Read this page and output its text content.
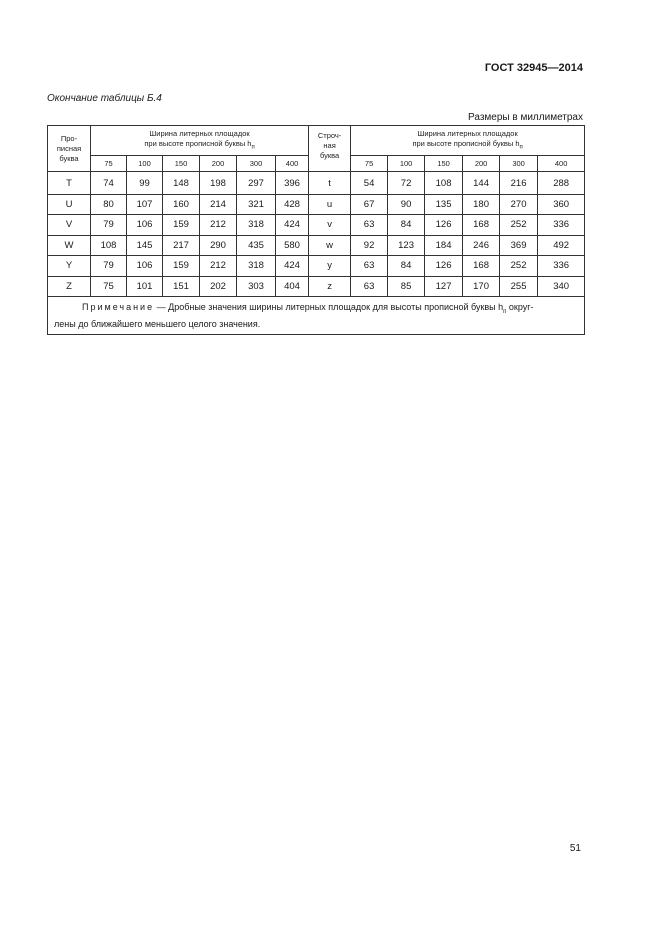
ГОСТ 32945—2014
Окончание таблицы Б.4
Размеры в миллиметрах
Про-
писная
буква	Ширина литерных площадок
при высоте прописной буквы $h_п$						Строч-
ная
буква	Ширина литерных площадок
при высоте прописной буквы $h_п$
	75	100	150	200	300	400		75	100	150	200	300	400
T	74	99	148	198	297	396	t	54	72	108	144	216	288
U	80	107	160	214	321	428	u	67	90	135	180	270	360
V	79	106	159	212	318	424	v	63	84	126	168	252	336
W	108	145	217	290	435	580	w	92	123	184	246	369	492
Y	79	106	159	212	318	424	y	63	84	126	168	252	336
Z	75	101	151	202	303	404	z	63	85	127	170	255	340
Примечание — Дробные значения ширины литерных площадок для высоты прописной буквы $h_п$ округ-
лены до ближайшего меньшего целого значения.													
51
